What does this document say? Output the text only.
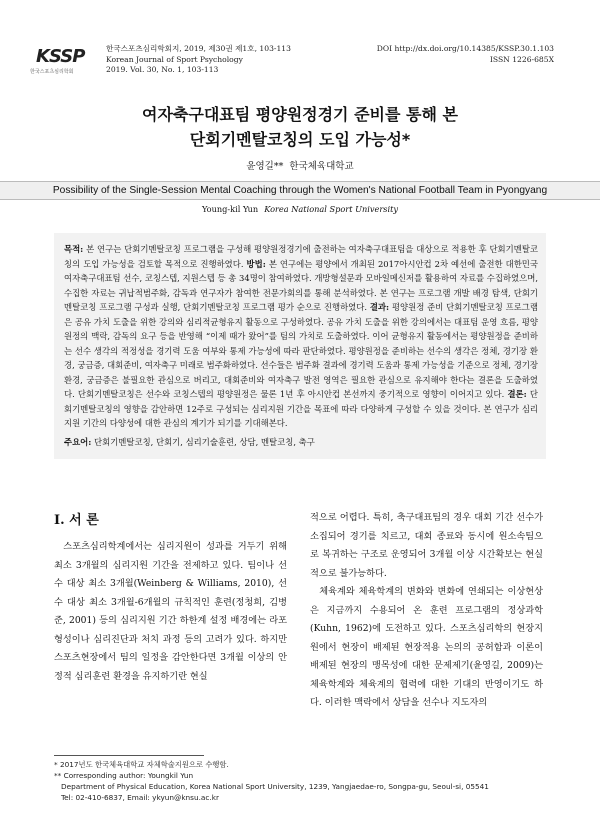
KSSP
한국스포츠심리학회
한국스포츠심리학회지, 2019, 제30권 제1호, 103-113
Korean Journal of Sport Psychology
2019. Vol. 30, No. 1, 103-113
DOI http://dx.doi.org/10.14385/KSSP.30.1.103
ISSN 1226-685X
여자축구대표팀 평양원정경기 준비를 통해 본
단회기멘탈코칭의 도입 가능성*
윤영길** 한국체육대학교
Possibility of the Single-Session Mental Coaching through the Women's National Football Team in Pyongyang
Young-kil Yun Korea National Sport University
목적: 본 연구는 단회기멘탈코칭 프로그램을 구성해 평양원정경기에 출전하는 여자축구대표팀을 대상으로 적용한 후 단회기멘탈코칭의 도입 가능성을 검토할 목적으로 진행하였다. 방법: 본 연구에는 평양에서 개최된 2017아시안컵 2차 예선에 출전한 대한민국 여자축구대표팀 선수, 코칭스텝, 지원스텝 등 총 34명이 참여하였다. 개방형설문과 모바일메신저를 활용하여 자료를 수집하였으며, 수집한 자료는 귀납적범주화, 감독과 연구자가 참여한 전문가회의를 통해 분석하였다. 본 연구는 프로그램 개발 배경 탐색, 단회기멘탈코칭 프로그램 구성과 실행, 단회기멘탈코칭 프로그램 평가 순으로 진행하였다. 결과: 평양원정 준비 단회기멘탈코칭 프로그램은 공유 가치 도출을 위한 강의와 심리적균형유지 활동으로 구성하였다. 공유 가치 도출을 위한 강의에서는 대표팀 운영 흐름, 평양원정의 맥락, 감독의 요구 등을 반영해 “이제 때가 왔어”를 팀의 가치로 도출하였다. 이어 균형유지 활동에서는 평양원정을 준비하는 선수 생각의 적정성을 경기력 도움 여부와 통제 가능성에 따라 판단하였다. 평양원정을 준비하는 선수의 생각은 정체, 경기장 환경, 궁금증, 대회준비, 여자축구 미래로 범주화하였다. 선수들은 범주화 결과에 경기력 도움과 통제 가능성을 기준으로 정체, 경기장 환경, 궁금증은 불필요한 관심으로 버리고, 대회준비와 여자축구 발전 영역은 필요한 관심으로 유지해야 한다는 결론을 도출하였다. 단회기멘탈코칭은 선수와 코칭스텝의 평양원정은 물론 1년 후 아시안컵 본선까지 중기적으로 영향이 이어지고 있다. 결론: 단회기멘탈코칭의 영향을 감안하면 12주로 구성되는 심리지원 기간을 목표에 따라 다양하게 구성할 수 있을 것이다. 본 연구가 심리지원 기간의 다양성에 대한 관심의 계기가 되기를 기대해본다.
주요어: 단회기멘탈코칭, 단회기, 심리기술훈련, 상담, 멘탈코칭, 축구
I. 서 론

스포츠심리학계에서는 심리지원이 성과를 거두기 위해 최소 3개월의 심리지원 기간을 전제하고 있다. 팀이나 선수 대상 최소 3개월(Weinberg & Williams, 2010), 선수 대상 최소 3개월-6개월의 규칙적인 훈련(정청희, 김병준, 2001) 등의 심리지원 기간 하한계 설정 배경에는 라포 형성이나 심리진단과 처치 과정 등의 고려가 있다. 하지만 스포츠현장에서 팀의 일정을 감안한다면 3개월 이상의 안정적 심리훈련 환경을 유지하기란 현실

적으로 어렵다. 특히, 축구대표팀의 경우 대회 기간 선수가 소집되어 경기를 치르고, 대회 종료와 동시에 원소속팀으로 복귀하는 구조로 운영되어 3개월 이상 시간확보는 현실적으로 불가능하다.

체육계와 체육학계의 변화와 변화에 연쇄되는 이상현상은 지금까지 수용되어 온 훈련 프로그램의 정상과학(Kuhn, 1962)에 도전하고 있다. 스포츠심리학의 현장지원에서 현장이 배제된 현장적용 논의의 공허함과 이론이 배제된 현장의 맹목성에 대한 문제제기(윤영길, 2009)는 체육학계와 체육계의 협력에 대한 기대의 반영이기도 하다. 이러한 맥락에서 상담을 선수나 지도자의

* 2017년도 한국체육대학교 자체학술지원으로 수행함.
** Corresponding author: Youngkil Yun
Department of Physical Education, Korea National Sport University, 1239, Yangjaedae-ro, Songpa-gu, Seoul-si, 05541
Tel: 02-410-6837, Email: ykyun@knsu.ac.kr
